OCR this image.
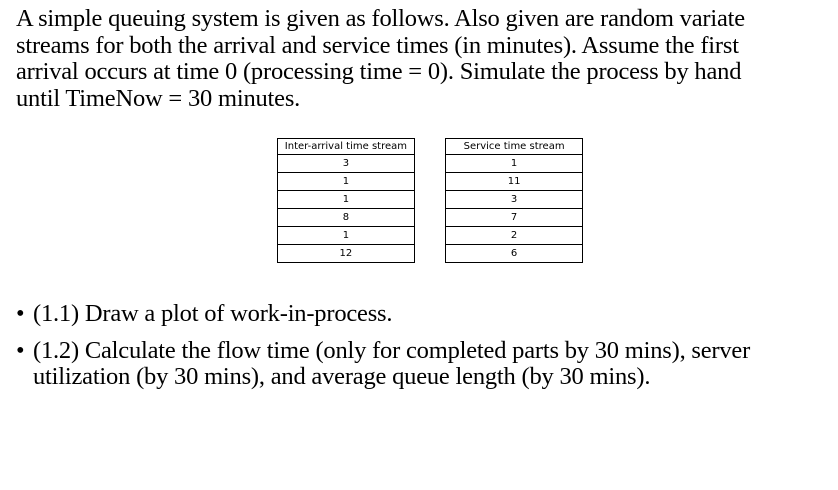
A simple queuing system is given as follows. Also given are random variate
streams for both the arrival and service times (in minutes). Assume the first
arrival occurs at time 0 (processing time = 0). Simulate the process by hand
until TimeNow = 30 minutes.

Inter-arrival time stream		Service time stream
3		1
1		11
1		3
8		7
1		2
12		6
• (1.1) Draw a plot of work-in-process.
• (1.2) Calculate the flow time (only for completed parts by 30 mins), server
utilization (by 30 mins), and average queue length (by 30 mins).
